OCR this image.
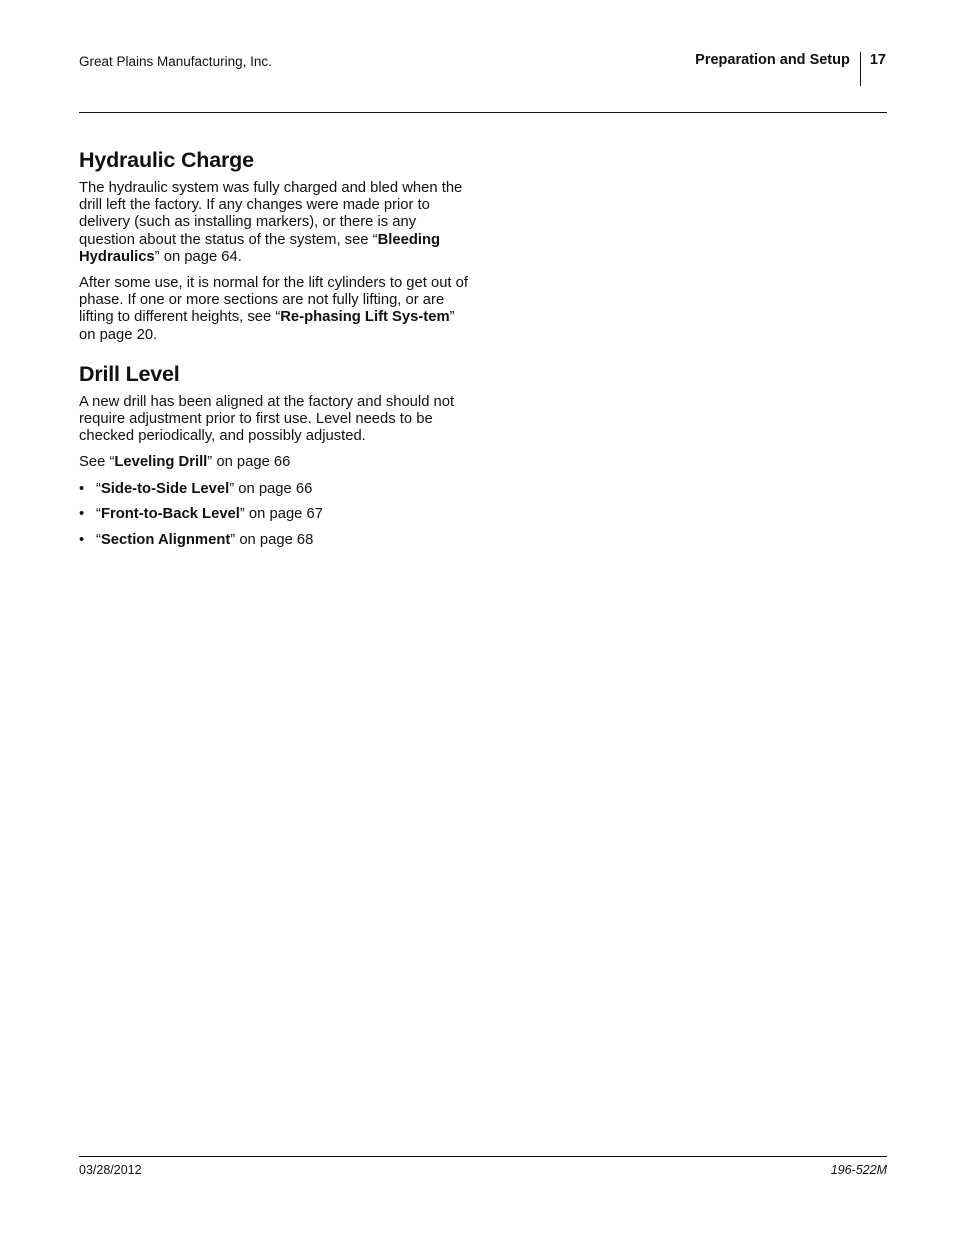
Great Plains Manufacturing, Inc.	Preparation and Setup 17
Hydraulic Charge

The hydraulic system was fully charged and bled when the drill left the factory. If any changes were made prior to delivery (such as installing markers), or there is any question about the status of the system, see “Bleeding Hydraulics” on page 64.

After some use, it is normal for the lift cylinders to get out of phase. If one or more sections are not fully lifting, or are lifting to different heights, see “Re-phasing Lift Sys-tem” on page 20.

Drill Level

A new drill has been aligned at the factory and should not require adjustment prior to first use. Level needs to be checked periodically, and possibly adjusted.

See “Leveling Drill” on page 66

• “Side-to-Side Level” on page 66
• “Front-to-Back Level” on page 67
• “Section Alignment” on page 68
03/28/2012	196-522M
